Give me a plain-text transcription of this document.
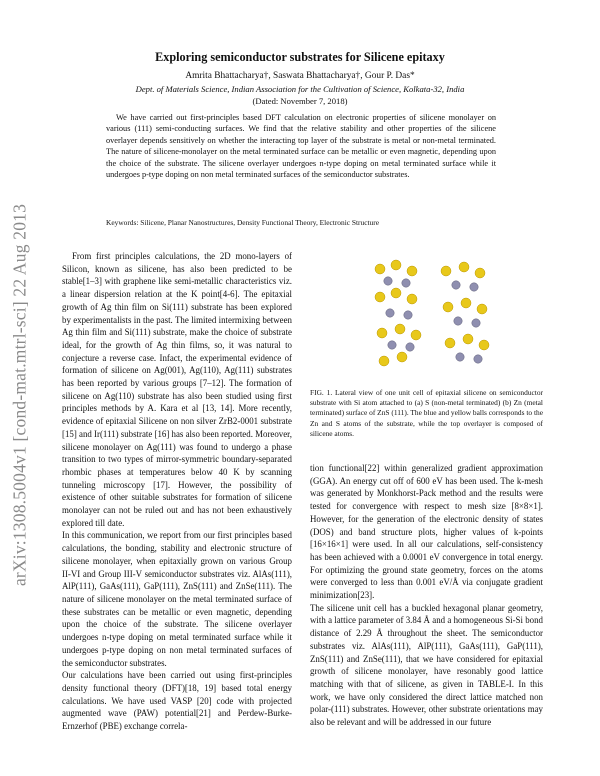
arXiv:1308.5004v1 [cond-mat.mtrl-sci] 22 Aug 2013
Exploring semiconductor substrates for Silicene epitaxy
Amrita Bhattacharya†, Saswata Bhattacharya†, Gour P. Das*
Dept. of Materials Science, Indian Association for the Cultivation of Science, Kolkata-32, India
(Dated: November 7, 2018)

We have carried out first-principles based DFT calculation on electronic properties of silicene monolayer on various (111) semi-conducting surfaces. We find that the relative stability and other properties of the silicene overlayer depends sensitively on whether the interacting top layer of the substrate is metal or non-metal terminated. The nature of silicene-monolayer on the metal terminated surface can be metallic or even magnetic, depending upon the choice of the substrate. The silicene overlayer undergoes n-type doping on metal terminated surface while it undergoes p-type doping on non metal terminated surfaces of the semiconductor substrates.

Keywords: Silicene, Planar Nanostructures, Density Functional Theory, Electronic Structure

From first principles calculations, the 2D mono-layers of Silicon, known as silicene, has also been predicted to be stable[1–3] with graphene like semi-metallic characteristics viz. a linear dispersion relation at the K point[4-6]. The epitaxial growth of Ag thin film on Si(111) substrate has been explored by experimentalists in the past. The limited intermixing between Ag thin film and Si(111) substrate, make the choice of substrate ideal, for the growth of Ag thin films, so, it was natural to conjecture a reverse case. Infact, the experimental evidence of formation of silicene on Ag(001), Ag(110), Ag(111) substrates has been reported by various groups [7–12]. The formation of silicene on Ag(110) substrate has also been studied using first principles methods by A. Kara et al [13, 14]. More recently, evidence of epitaxial Silicene on non silver ZrB2-0001 substrate [15] and Ir(111) substrate [16] has also been reported. Moreover, silicene monolayer on Ag(111) was found to undergo a phase transition to two types of mirror-symmetric boundary-separated rhombic phases at temperatures below 40 K by scanning tunneling microscopy [17]. However, the possibility of existence of other suitable substrates for formation of silicene monolayer can not be ruled out and has not been exhaustively explored till date.

In this communication, we report from our first principles based calculations, the bonding, stability and electronic structure of silicene monolayer, when epitaxially grown on various Group II-VI and Group III-V semiconductor substrates viz. AlAs(111), AlP(111), GaAs(111), GaP(111), ZnS(111) and ZnSe(111). The nature of silicene monolayer on the metal terminated surface of these substrates can be metallic or even magnetic, depending upon the choice of the substrate. The silicene overlayer undergoes n-type doping on metal terminated surface while it undergoes p-type doping on non metal terminated surfaces of the semiconductor substrates.

Our calculations have been carried out using first-principles density functional theory (DFT)[18, 19] based total energy calculations. We have used VASP [20] code with projected augmented wave (PAW) potential[21] and Perdew-Burke-Ernzerhof (PBE) exchange correla-

FIG. 1. Lateral view of one unit cell of epitaxial silicene on semiconductor substrate with Si atom attached to (a) S (non-metal terminated) (b) Zn (metal terminated) surface of ZnS (111). The blue and yellow balls corresponds to the Zn and S atoms of the substrate, while the top overlayer is composed of silicene atoms.

tion functional[22] within generalized gradient approximation (GGA). An energy cut off of 600 eV has been used. The k-mesh was generated by Monkhorst-Pack method and the results were tested for convergence with respect to mesh size [8×8×1]. However, for the generation of the electronic density of states (DOS) and band structure plots, higher values of k-points [16×16×1] were used. In all our calculations, self-consistency has been achieved with a 0.0001 eV convergence in total energy. For optimizing the ground state geometry, forces on the atoms were converged to less than 0.001 eV/Å via conjugate gradient minimization[23].

The silicene unit cell has a buckled hexagonal planar geometry, with a lattice parameter of 3.84 Å and a homogeneous Si-Si bond distance of 2.29 Å throughout the sheet. The semiconductor substrates viz. AlAs(111), AlP(111), GaAs(111), GaP(111), ZnS(111) and ZnSe(111), that we have considered for epitaxial growth of silicene monolayer, have resonably good lattice matching with that of silicene, as given in TABLE-I. In this work, we have only considered the direct lattice matched non polar-(111) substrates. However, other substrate orientations may also be relevant and will be addressed in our future
